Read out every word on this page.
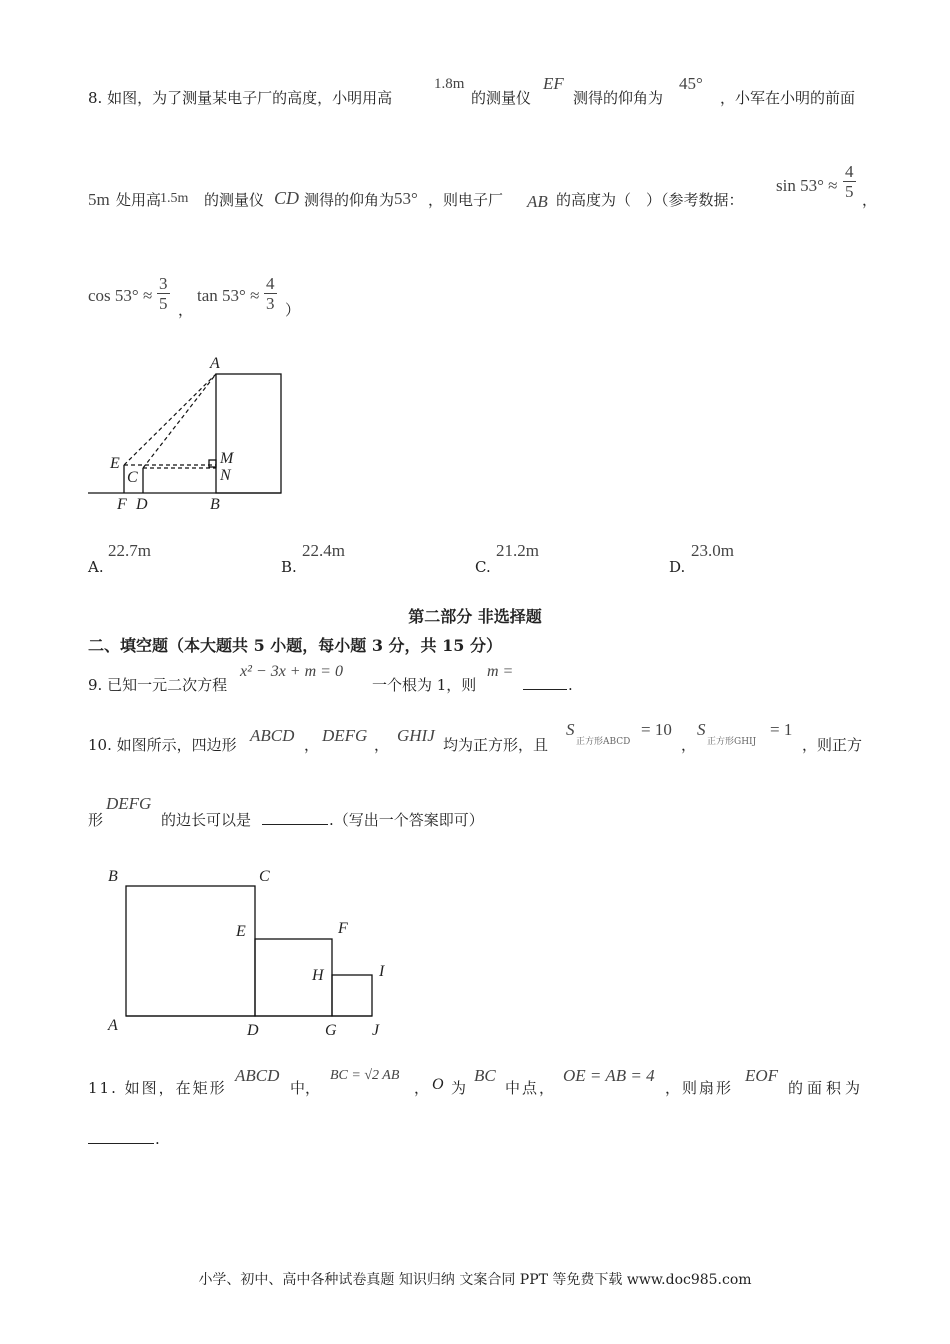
8. 如图，为了测量某电子厂的高度，小明用高
1.8m
的测量仪
EF
测得的仰角为
45°
，小军在小明的前面
5m 处用高
1.5m 的测量仪 CD 测得的仰角为 53° ，则电子厂 AB 的高度为（　）（参考数据：
$\sin 53^\circ \approx \frac{4}{5}$ ，
$\cos 53^\circ \approx \frac{3}{5}$ ，
$\tan 53^\circ \approx \frac{4}{3}$ ）
A
E
C
M
N
F D	B
A.
22.7m
B.
22.4m
C.
21.2m
D.
23.0m
第二部分 非选择题
二、填空题（本大题共 5 小题，每小题 3 分，共 15 分）
9. 已知一元二次方程
x² − 3x + m = 0
一个根为 1，则
m =
.
10. 如图所示，四边形 ABCD ， DEFG ， GHIJ 均为正方形，且
S
正方形ABCD
= 10
，
S
正方形GHIJ
= 1
，则正方
形
DEFG
的边长可以是	.（写出一个答案即可）
B	C
E	F
H	I
A	D	G J
11. 如图，在矩形
ABCD
中，
BC = √2 AB
， O 为
BC
中点，
OE = AB = 4
，则扇形
EOF
的面积为
.
小学、初中、高中各种试卷真题 知识归纳 文案合同 PPT 等免费下载 www.doc985.com
